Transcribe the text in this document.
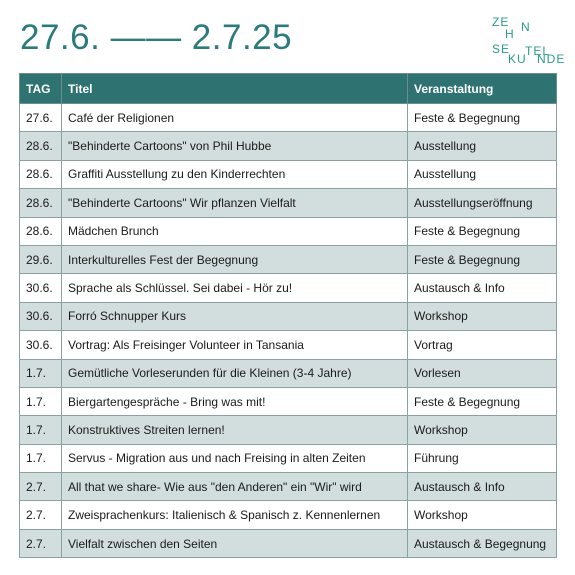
27.6. —— 2.7.25	ZE
H N
SE
KU
TEL
NDE
TAG	Titel	Veranstaltung
27.6.	Café der Religionen	Feste & Begegnung
28.6.	"Behinderte Cartoons" von Phil Hubbe	Ausstellung
28.6.	Graffiti Ausstellung zu den Kinderrechten	Ausstellung
28.6.	"Behinderte Cartoons" Wir pflanzen Vielfalt	Ausstellungseröffnung
28.6.	Mädchen Brunch	Feste & Begegnung
29.6.	Interkulturelles Fest der Begegnung	Feste & Begegnung
30.6.	Sprache als Schlüssel. Sei dabei - Hör zu!	Austausch & Info
30.6.	Forró Schnupper Kurs	Workshop
30.6.	Vortrag: Als Freisinger Volunteer in Tansania	Vortrag
1.7.	Gemütliche Vorleserunden für die Kleinen (3-4 Jahre)	Vorlesen
1.7.	Biergartengespräche - Bring was mit!	Feste & Begegnung
1.7.	Konstruktives Streiten lernen!	Workshop
1.7.	Servus - Migration aus und nach Freising in alten Zeiten	Führung
2.7.	All that we share- Wie aus "den Anderen" ein "Wir" wird	Austausch & Info
2.7.	Zweisprachenkurs: Italienisch & Spanisch z. Kennenlernen	Workshop
2.7.	Vielfalt zwischen den Seiten	Austausch & Begegnung
